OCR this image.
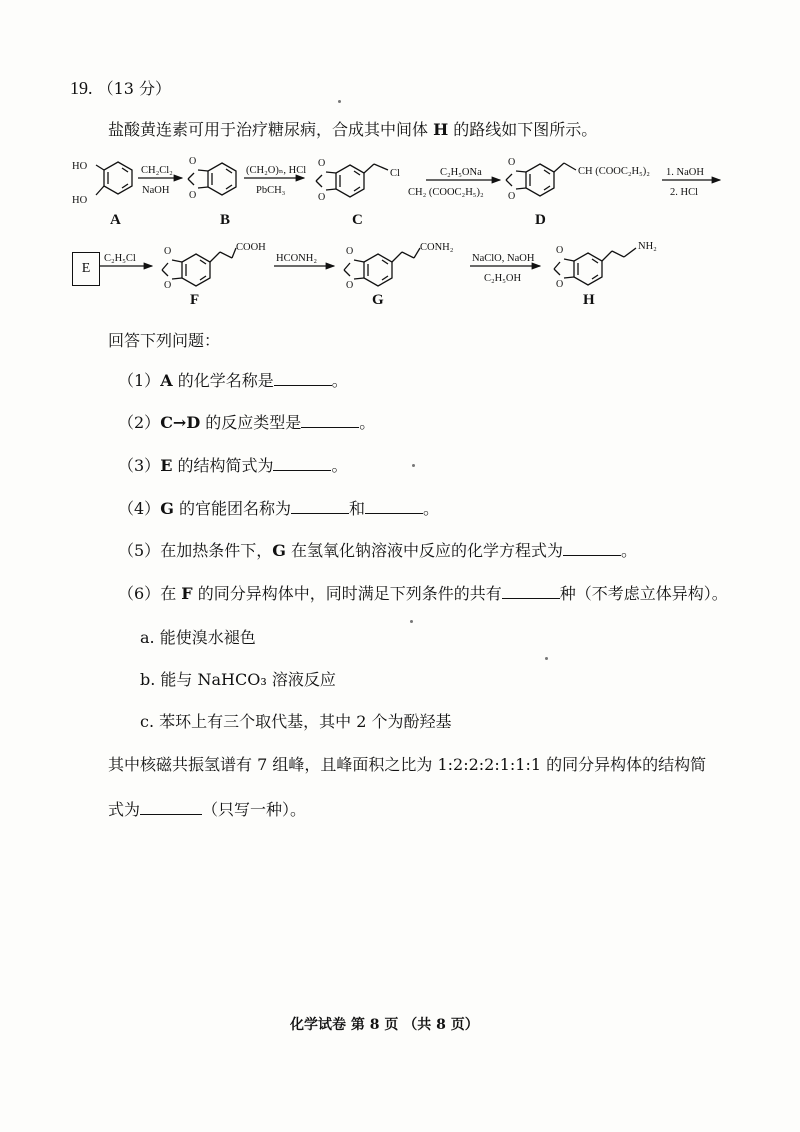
19. （13 分）
盐酸黄连素可用于治疗糖尿病，合成其中间体 H 的路线如下图所示。
HO
HO
O
O
O
O
O
O
O
O
O
O
O
O
Cl	CH (COOC₂H₅)₂
COOH	CONH₂	NH₂
CH₂Cl₂
NaOH
(CH₂O)ₙ, HCl
PbCH₃
C₂H₅ONa
CH₂ (COOC₂H₅)₂
1. NaOH
2. HCl
C₂H₅Cl	HCONH₂	NaClO, NaOH
C₂H₅OH
A	B	C	D
F	G	H
E
回答下列问题：
（1）A 的化学名称是	。
（2）C→D 的反应类型是	。
（3）E 的结构简式为	。
（4）G 的官能团名称为	和	。
（5）在加热条件下，G 在氢氧化钠溶液中反应的化学方程式为	。
（6）在 F 的同分异构体中，同时满足下列条件的共有	种（不考虑立体异构）。
a. 能使溴水褪色
b. 能与 NaHCO₃ 溶液反应
c. 苯环上有三个取代基，其中 2 个为酚羟基
其中核磁共振氢谱有 7 组峰，且峰面积之比为 1:2:2:2:1:1:1 的同分异构体的结构简
式为	（只写一种）。
化学试卷 第 8 页 （共 8 页）
